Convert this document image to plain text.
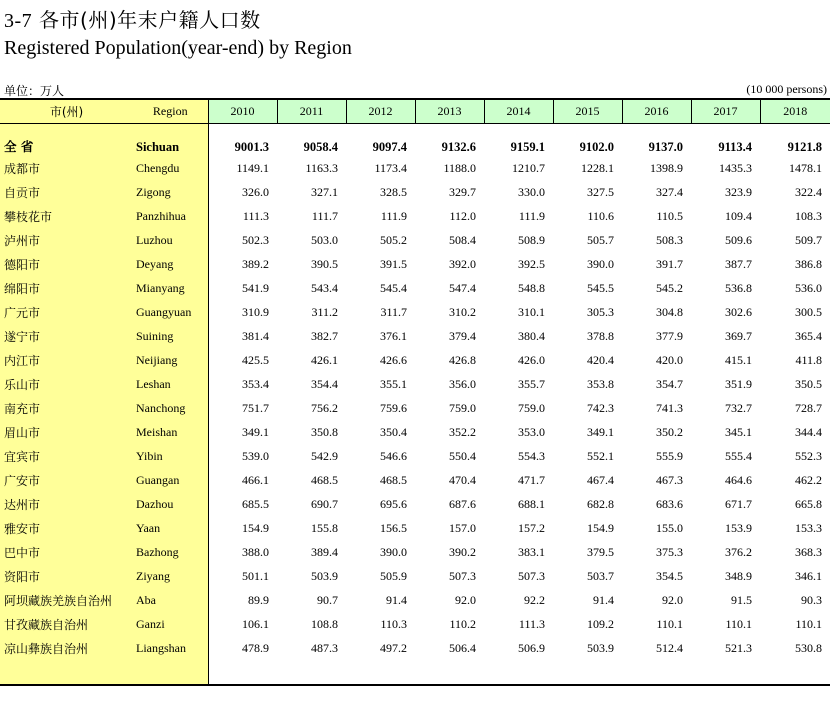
3-7 各市(州)年末户籍人口数
Registered Population(year-end) by Region
单位：万人	(10 000 persons)
市(州)	Region	2010	2011	2012	2013	2014	2015	2016	2017	2018
全 省	Sichuan	9001.3	9058.4	9097.4	9132.6	9159.1	9102.0	9137.0	9113.4	9121.8
成都市	Chengdu	1149.1	1163.3	1173.4	1188.0	1210.7	1228.1	1398.9	1435.3	1478.1
自贡市	Zigong	326.0	327.1	328.5	329.7	330.0	327.5	327.4	323.9	322.4
攀枝花市	Panzhihua	111.3	111.7	111.9	112.0	111.9	110.6	110.5	109.4	108.3
泸州市	Luzhou	502.3	503.0	505.2	508.4	508.9	505.7	508.3	509.6	509.7
德阳市	Deyang	389.2	390.5	391.5	392.0	392.5	390.0	391.7	387.7	386.8
绵阳市	Mianyang	541.9	543.4	545.4	547.4	548.8	545.5	545.2	536.8	536.0
广元市	Guangyuan	310.9	311.2	311.7	310.2	310.1	305.3	304.8	302.6	300.5
遂宁市	Suining	381.4	382.7	376.1	379.4	380.4	378.8	377.9	369.7	365.4
内江市	Neijiang	425.5	426.1	426.6	426.8	426.0	420.4	420.0	415.1	411.8
乐山市	Leshan	353.4	354.4	355.1	356.0	355.7	353.8	354.7	351.9	350.5
南充市	Nanchong	751.7	756.2	759.6	759.0	759.0	742.3	741.3	732.7	728.7
眉山市	Meishan	349.1	350.8	350.4	352.2	353.0	349.1	350.2	345.1	344.4
宜宾市	Yibin	539.0	542.9	546.6	550.4	554.3	552.1	555.9	555.4	552.3
广安市	Guangan	466.1	468.5	468.5	470.4	471.7	467.4	467.3	464.6	462.2
达州市	Dazhou	685.5	690.7	695.6	687.6	688.1	682.8	683.6	671.7	665.8
雅安市	Yaan	154.9	155.8	156.5	157.0	157.2	154.9	155.0	153.9	153.3
巴中市	Bazhong	388.0	389.4	390.0	390.2	383.1	379.5	375.3	376.2	368.3
资阳市	Ziyang	501.1	503.9	505.9	507.3	507.3	503.7	354.5	348.9	346.1
阿坝藏族羌族自治州	Aba	89.9	90.7	91.4	92.0	92.2	91.4	92.0	91.5	90.3
甘孜藏族自治州	Ganzi	106.1	108.8	110.3	110.2	111.3	109.2	110.1	110.1	110.1
凉山彝族自治州	Liangshan	478.9	487.3	497.2	506.4	506.9	503.9	512.4	521.3	530.8
